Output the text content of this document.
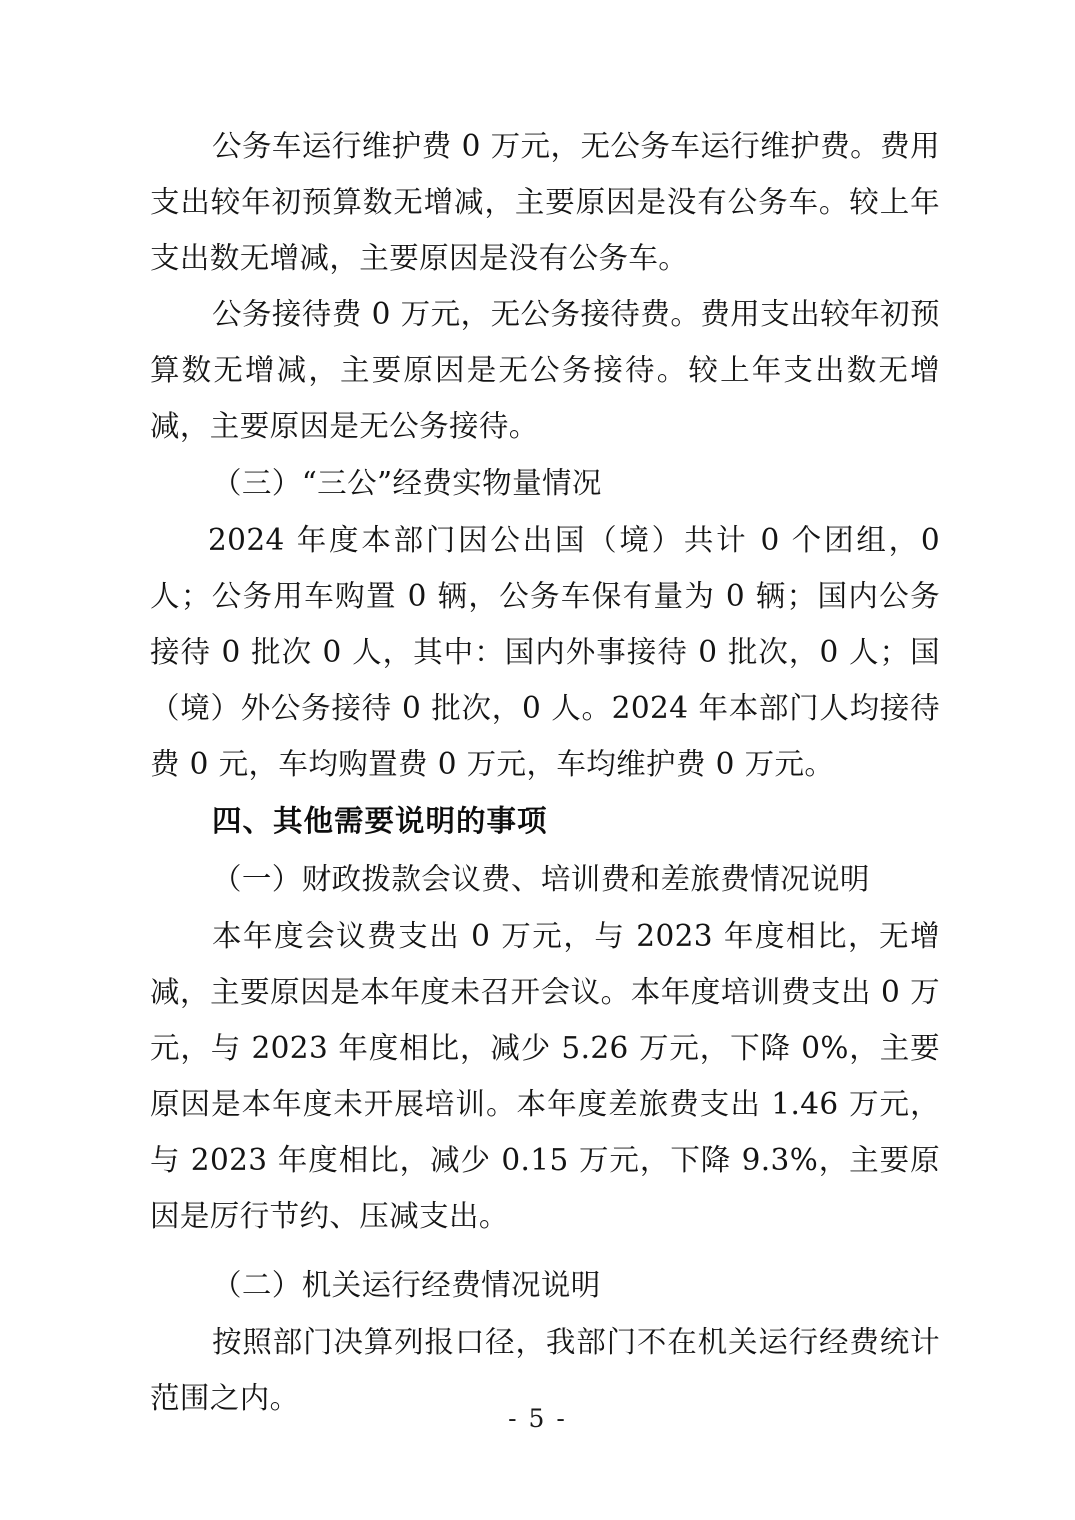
公务车运行维护费 0 万元，无公务车运行维护费。费用支出较年初预算数无增减，主要原因是没有公务车。较上年支出数无增减，主要原因是没有公务车。

公务接待费 0 万元，无公务接待费。费用支出较年初预算数无增减，主要原因是无公务接待。较上年支出数无增减，主要原因是无公务接待。

（三）“三公”经费实物量情况

2024 年度本部门因公出国（境）共计 0 个团组，0 人；公务用车购置 0 辆，公务车保有量为 0 辆；国内公务接待 0 批次 0 人，其中：国内外事接待 0 批次，0 人；国（境）外公务接待 0 批次，0 人。2024 年本部门人均接待费 0 元，车均购置费 0 万元，车均维护费 0 万元。

四、其他需要说明的事项

（一）财政拨款会议费、培训费和差旅费情况说明

本年度会议费支出 0 万元，与 2023 年度相比，无增减，主要原因是本年度未召开会议。本年度培训费支出 0 万元，与 2023 年度相比，减少 5.26 万元，下降 0%，主要原因是本年度未开展培训。本年度差旅费支出 1.46 万元，与 2023 年度相比，减少 0.15 万元，下降 9.3%，主要原因是厉行节约、压减支出。

（二）机关运行经费情况说明

按照部门决算列报口径，我部门不在机关运行经费统计范围之内。

- 5 -
